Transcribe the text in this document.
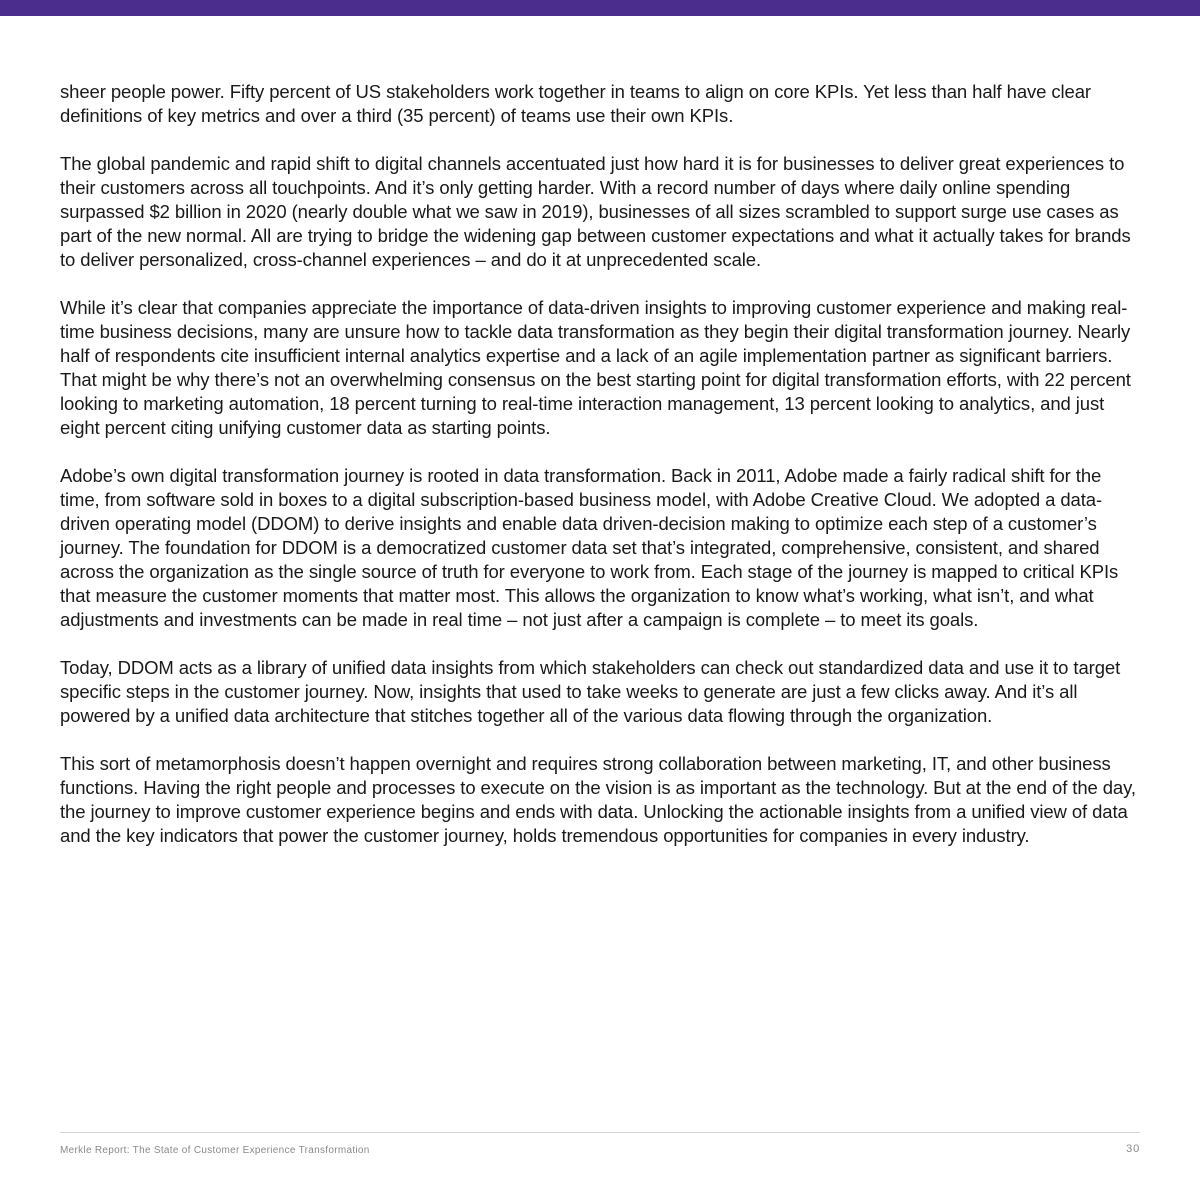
sheer people power. Fifty percent of US stakeholders work together in teams to align on core KPIs. Yet less than half have clear definitions of key metrics and over a third (35 percent) of teams use their own KPIs.

The global pandemic and rapid shift to digital channels accentuated just how hard it is for businesses to deliver great experiences to their customers across all touchpoints. And it’s only getting harder. With a record number of days where daily online spending surpassed $2 billion in 2020 (nearly double what we saw in 2019), businesses of all sizes scrambled to support surge use cases as part of the new normal. All are trying to bridge the widening gap between customer expectations and what it actually takes for brands to deliver personalized, cross-channel experiences – and do it at unprecedented scale.

While it’s clear that companies appreciate the importance of data-driven insights to improving customer experience and making real-time business decisions, many are unsure how to tackle data transformation as they begin their digital transformation journey. Nearly half of respondents cite insufficient internal analytics expertise and a lack of an agile implementation partner as significant barriers. That might be why there’s not an overwhelming consensus on the best starting point for digital transformation efforts, with 22 percent looking to marketing automation, 18 percent turning to real-time interaction management, 13 percent looking to analytics, and just eight percent citing unifying customer data as starting points.

Adobe’s own digital transformation journey is rooted in data transformation. Back in 2011, Adobe made a fairly radical shift for the time, from software sold in boxes to a digital subscription-based business model, with Adobe Creative Cloud. We adopted a data-driven operating model (DDOM) to derive insights and enable data driven-decision making to optimize each step of a customer’s journey. The foundation for DDOM is a democratized customer data set that’s integrated, comprehensive, consistent, and shared across the organization as the single source of truth for everyone to work from. Each stage of the journey is mapped to critical KPIs that measure the customer moments that matter most. This allows the organization to know what’s working, what isn’t, and what adjustments and investments can be made in real time – not just after a campaign is complete – to meet its goals.

Today, DDOM acts as a library of unified data insights from which stakeholders can check out standardized data and use it to target specific steps in the customer journey. Now, insights that used to take weeks to generate are just a few clicks away. And it’s all powered by a unified data architecture that stitches together all of the various data flowing through the organization.

This sort of metamorphosis doesn’t happen overnight and requires strong collaboration between marketing, IT, and other business functions. Having the right people and processes to execute on the vision is as important as the technology. But at the end of the day, the journey to improve customer experience begins and ends with data. Unlocking the actionable insights from a unified view of data and the key indicators that power the customer journey, holds tremendous opportunities for companies in every industry.

Merkle Report: The State of Customer Experience Transformation	30
